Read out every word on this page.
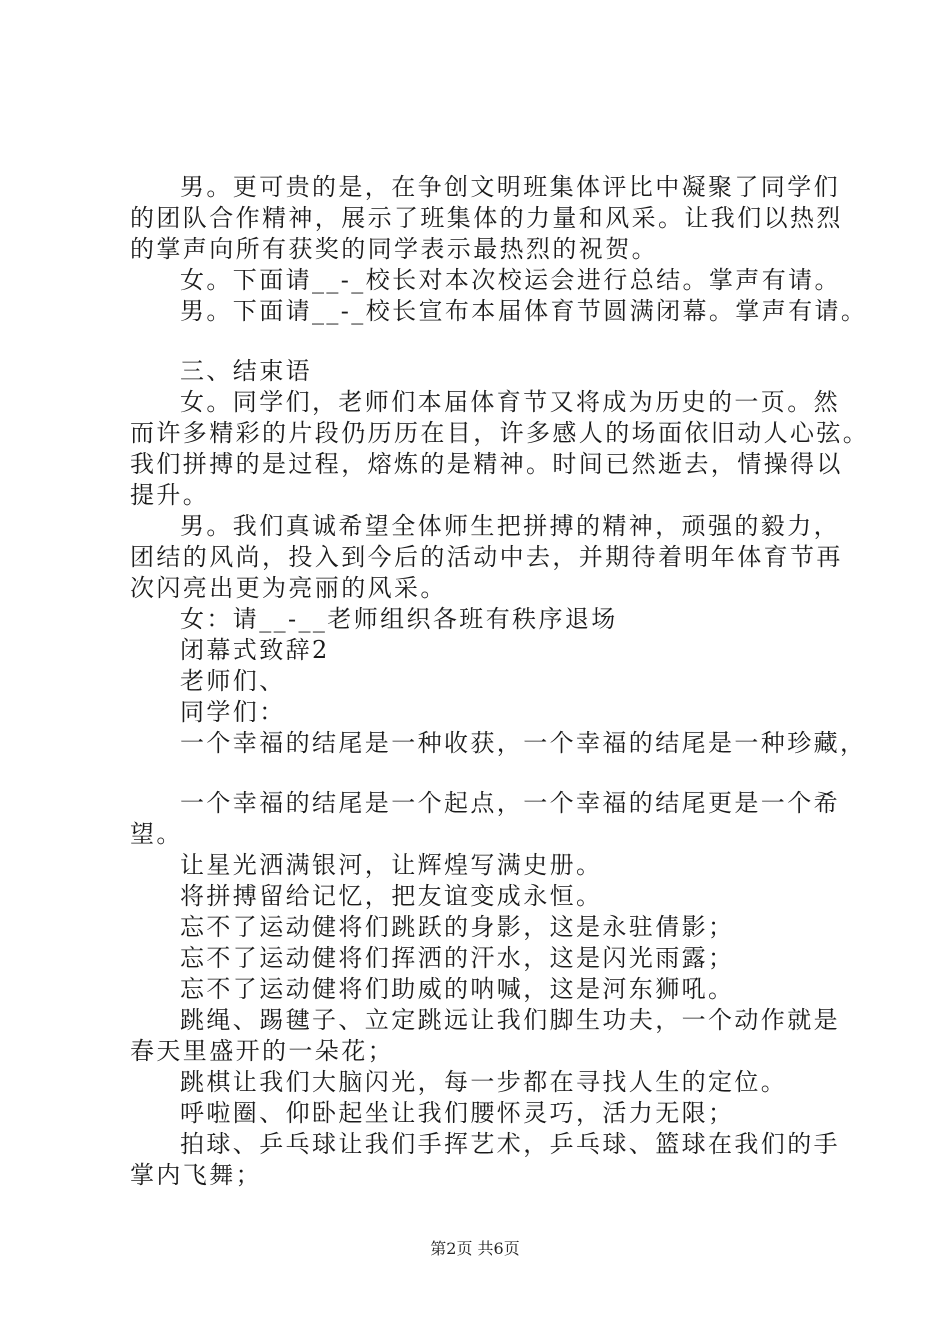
男。更可贵的是，在争创文明班集体评比中凝聚了同学们
的团队合作精神，展示了班集体的力量和风采。让我们以热烈
的掌声向所有获奖的同学表示最热烈的祝贺。
女。下面请__-_校长对本次校运会进行总结。掌声有请。
男。下面请__-_校长宣布本届体育节圆满闭幕。掌声有请。
三、结束语
女。同学们，老师们本届体育节又将成为历史的一页。然
而许多精彩的片段仍历历在目，许多感人的场面依旧动人心弦。
我们拼搏的是过程，熔炼的是精神。时间已然逝去，情操得以
提升。
男。我们真诚希望全体师生把拼搏的精神，顽强的毅力，
团结的风尚，投入到今后的活动中去，并期待着明年体育节再
次闪亮出更为亮丽的风采。
女：请__-__老师组织各班有秩序退场
闭幕式致辞2
老师们、
同学们：
一个幸福的结尾是一种收获，一个幸福的结尾是一种珍藏，
一个幸福的结尾是一个起点，一个幸福的结尾更是一个希
望。
让星光洒满银河，让辉煌写满史册。
将拼搏留给记忆，把友谊变成永恒。
忘不了运动健将们跳跃的身影，这是永驻倩影；
忘不了运动健将们挥洒的汗水，这是闪光雨露；
忘不了运动健将们助威的呐喊，这是河东狮吼。
跳绳、踢毽子、立定跳远让我们脚生功夫，一个动作就是
春天里盛开的一朵花；
跳棋让我们大脑闪光，每一步都在寻找人生的定位。
呼啦圈、仰卧起坐让我们腰怀灵巧，活力无限；
拍球、乒乓球让我们手挥艺术，乒乓球、篮球在我们的手
掌内飞舞；
第2页 共6页
